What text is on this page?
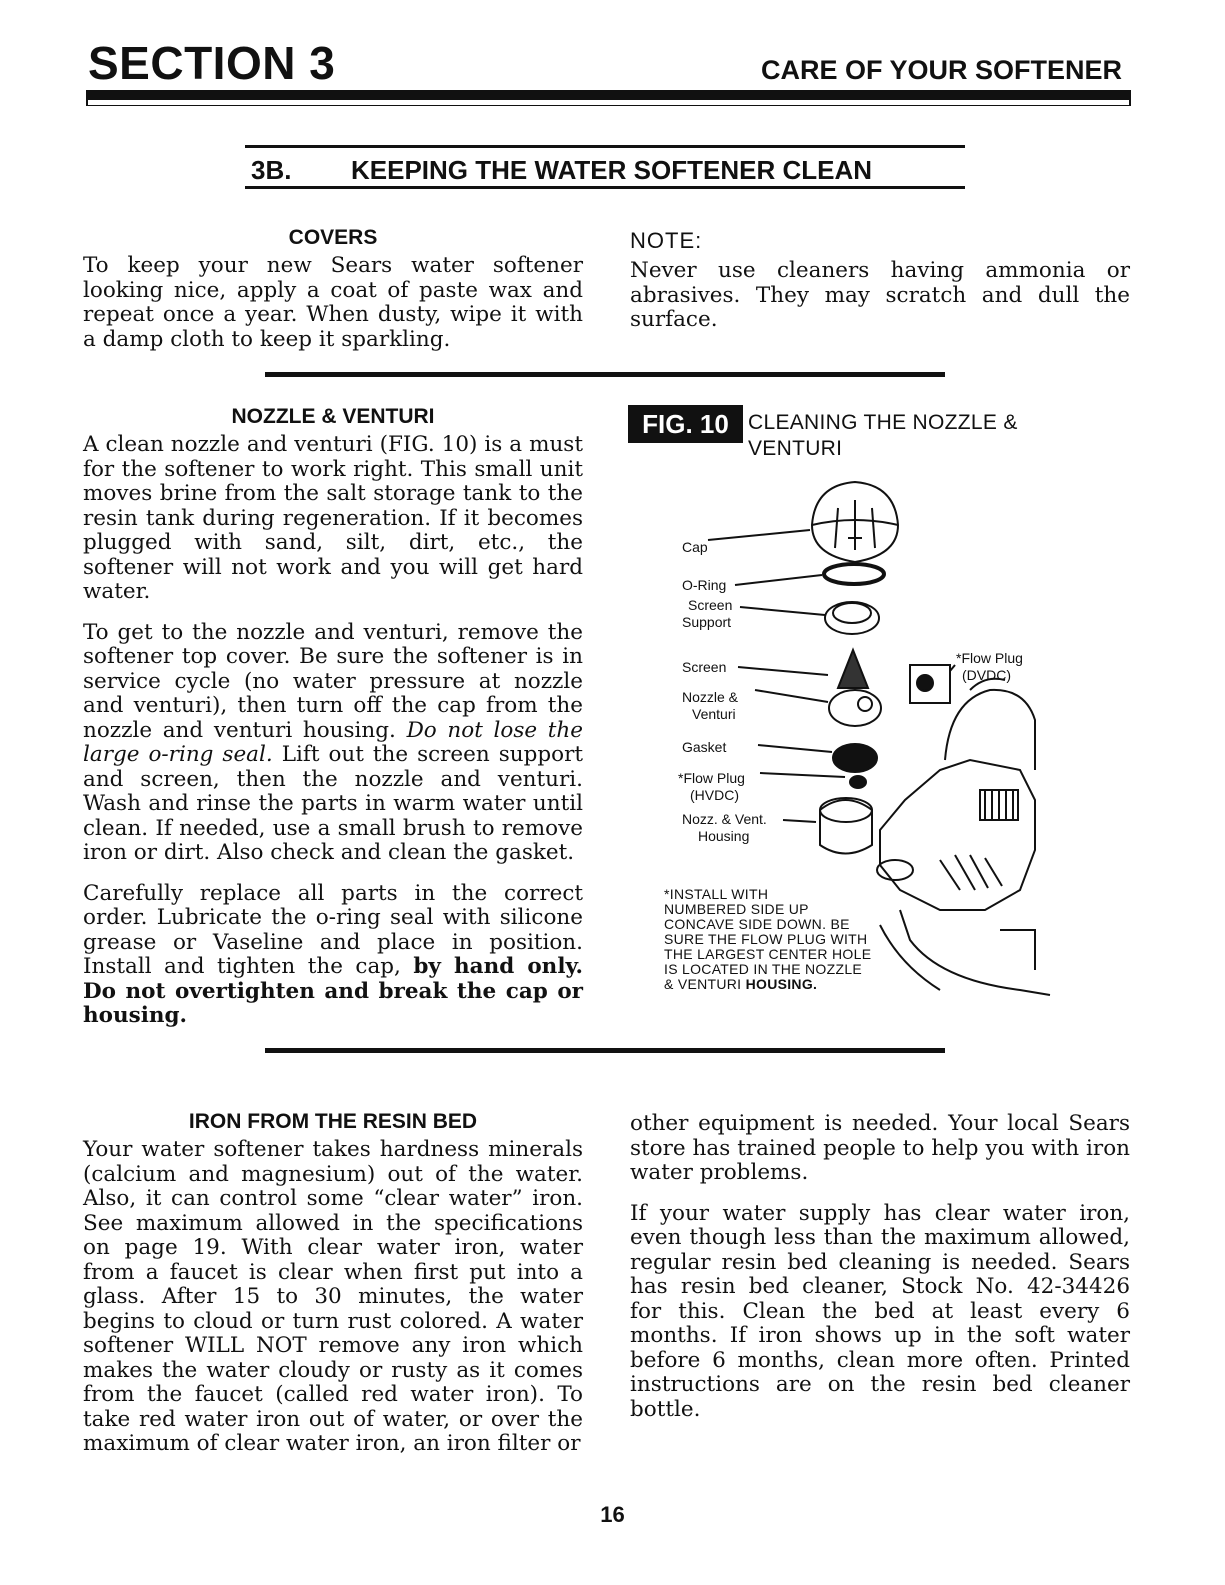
SECTION 3	CARE OF YOUR SOFTENER
3B. KEEPING THE WATER SOFTENER CLEAN
COVERS
To keep your new Sears water softener looking nice, apply a coat of paste wax and repeat once a year. When dusty, wipe it with a damp cloth to keep it sparkling.
NOTE:
Never use cleaners having ammonia or abrasives. They may scratch and dull the surface.
NOZZLE & VENTURI

A clean nozzle and venturi (FIG. 10) is a must for the softener to work right. This small unit moves brine from the salt storage tank to the resin tank during regeneration. If it becomes plugged with sand, silt, dirt, etc., the softener will not work and you will get hard water.

To get to the nozzle and venturi, remove the softener top cover. Be sure the softener is in service cycle (no water pressure at nozzle and venturi), then turn off the cap from the nozzle and venturi housing. Do not lose the large o-ring seal. Lift out the screen support and screen, then the nozzle and venturi. Wash and rinse the parts in warm water until clean. If needed, use a small brush to remove iron or dirt. Also check and clean the gasket.

Carefully replace all parts in the correct order. Lubricate the o-ring seal with silicone grease or Vaseline and place in position. Install and tighten the cap, by hand only. Do not overtighten and break the cap or housing.

FIG. 10 CLEANING THE NOZZLE & VENTURI
Cap
O-Ring
Screen
Support
Screen
Nozzle &
Venturi
Gasket
*Flow Plug
(HVDC)
Nozz. & Vent.
Housing
*Flow Plug
(DVDC)
*INSTALL WITH
NUMBERED SIDE UP
CONCAVE SIDE DOWN. BE
SURE THE FLOW PLUG WITH
THE LARGEST CENTER HOLE
IS LOCATED IN THE NOZZLE
& VENTURI HOUSING.
IRON FROM THE RESIN BED

Your water softener takes hardness minerals (calcium and magnesium) out of the water. Also, it can control some “clear water” iron. See maximum allowed in the specifications on page 19. With clear water iron, water from a faucet is clear when first put into a glass. After 15 to 30 minutes, the water begins to cloud or turn rust colored. A water softener WILL NOT remove any iron which makes the water cloudy or rusty as it comes from the faucet (called red water iron). To take red water iron out of water, or over the maximum of clear water iron, an iron filter or

other equipment is needed. Your local Sears store has trained people to help you with iron water problems.

If your water supply has clear water iron, even though less than the maximum allowed, regular resin bed cleaning is needed. Sears has resin bed cleaner, Stock No. 42-34426 for this. Clean the bed at least every 6 months. If iron shows up in the soft water before 6 months, clean more often. Printed instructions are on the resin bed cleaner bottle.

16
